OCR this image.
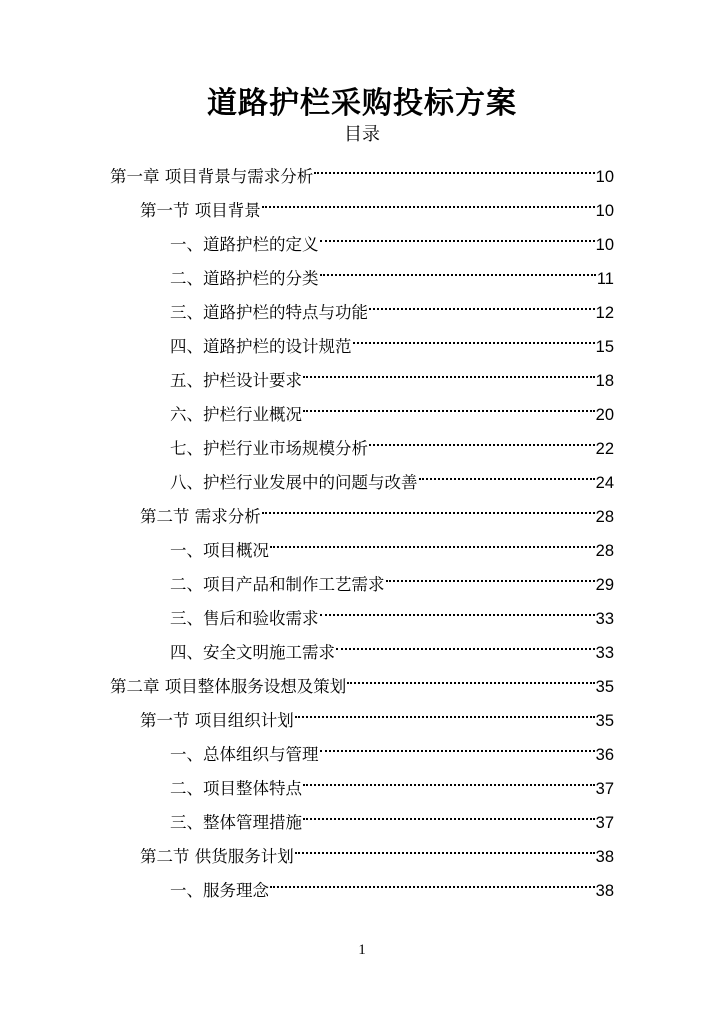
道路护栏采购投标方案
目录
第一章 项目背景与需求分析	10
第一节 项目背景	10
一、道路护栏的定义	10
二、道路护栏的分类	11
三、道路护栏的特点与功能	12
四、道路护栏的设计规范	15
五、护栏设计要求	18
六、护栏行业概况	20
七、护栏行业市场规模分析	22
八、护栏行业发展中的问题与改善	24
第二节 需求分析	28
一、项目概况	28
二、项目产品和制作工艺需求	29
三、售后和验收需求	33
四、安全文明施工需求	33
第二章 项目整体服务设想及策划	35
第一节 项目组织计划	35
一、总体组织与管理	36
二、项目整体特点	37
三、整体管理措施	37
第二节 供货服务计划	38
一、服务理念	38
1
